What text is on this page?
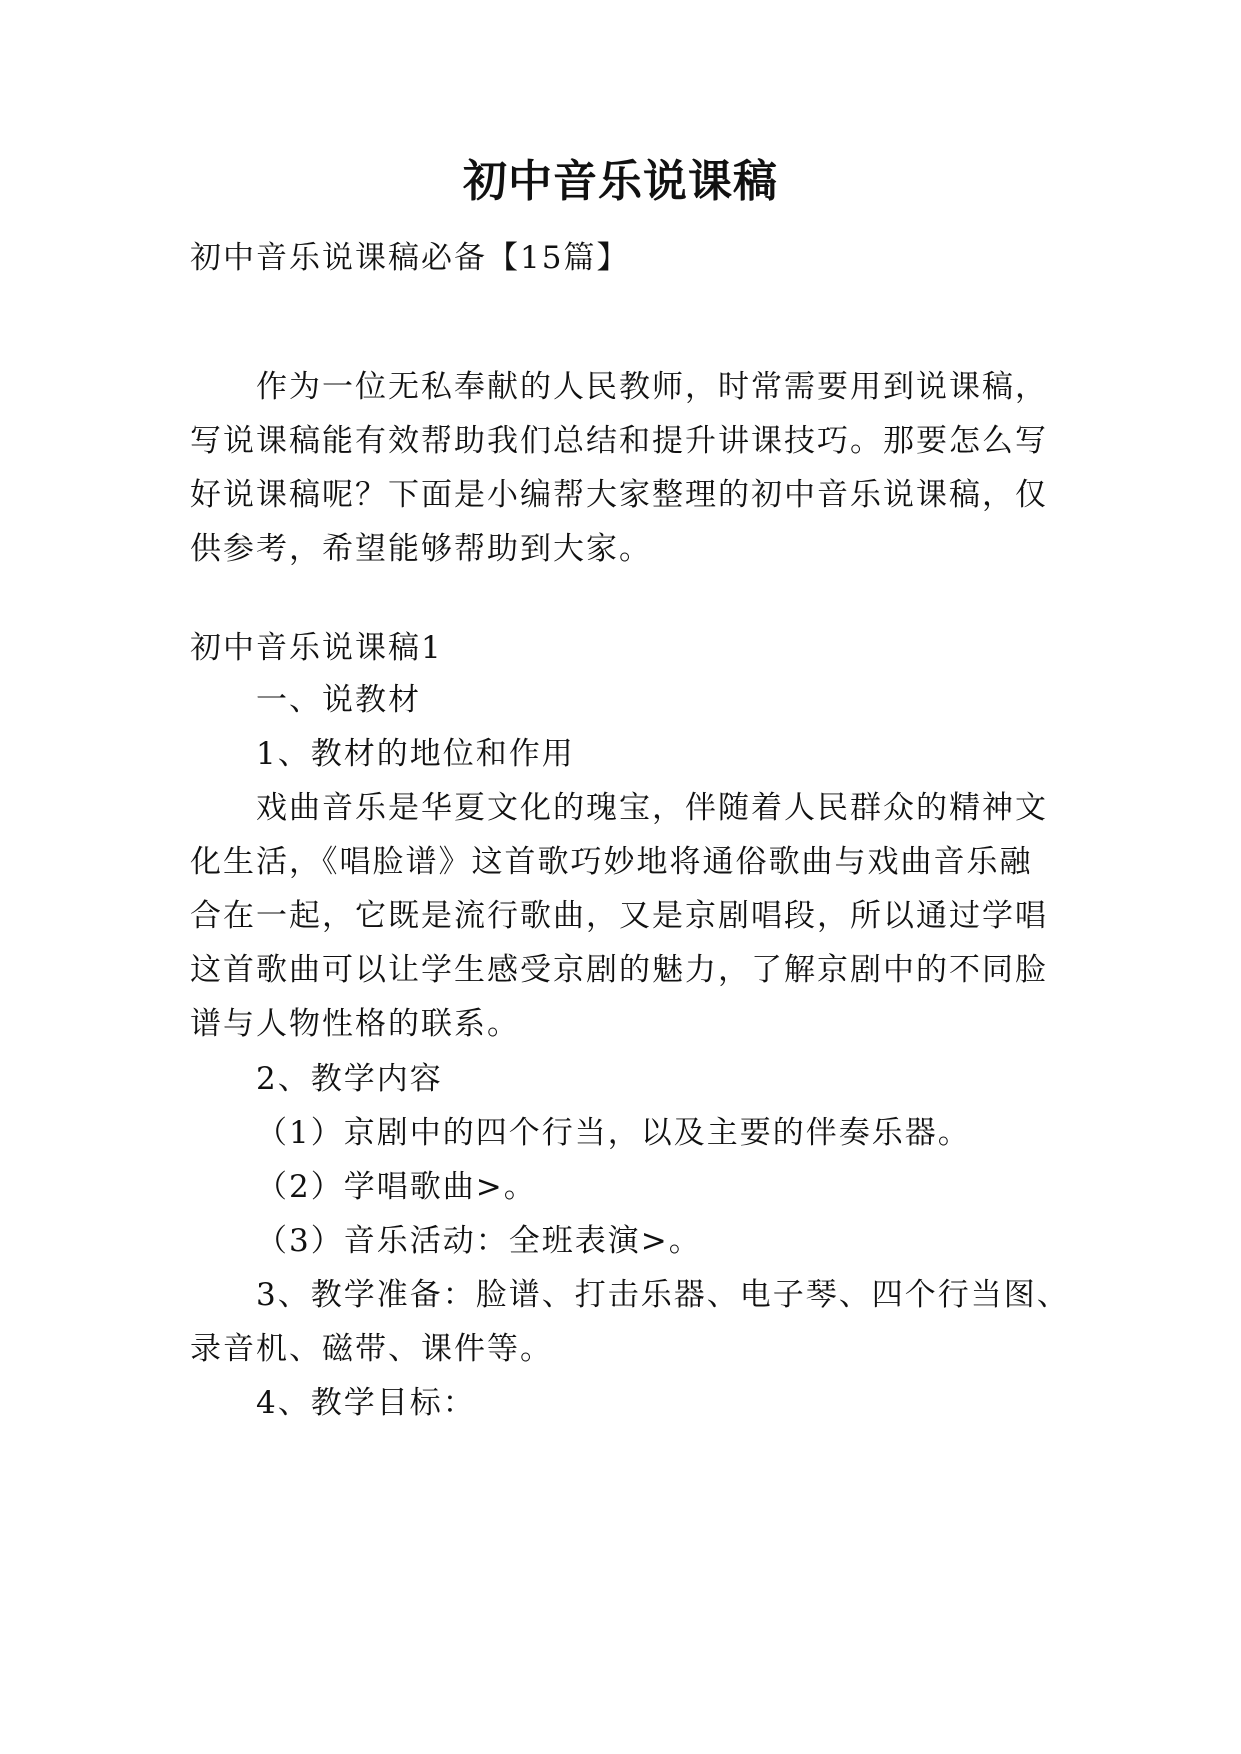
初中音乐说课稿

初中音乐说课稿必备【15篇】

作为一位无私奉献的人民教师，时常需要用到说课稿，

写说课稿能有效帮助我们总结和提升讲课技巧。那要怎么写

好说课稿呢？下面是小编帮大家整理的初中音乐说课稿，仅

供参考，希望能够帮助到大家。

初中音乐说课稿1

一、说教材

1、教材的地位和作用

戏曲音乐是华夏文化的瑰宝，伴随着人民群众的精神文

化生活，《唱脸谱》这首歌巧妙地将通俗歌曲与戏曲音乐融

合在一起，它既是流行歌曲，又是京剧唱段，所以通过学唱

这首歌曲可以让学生感受京剧的魅力，了解京剧中的不同脸

谱与人物性格的联系。

2、教学内容

（1）京剧中的四个行当，以及主要的伴奏乐器。

（2）学唱歌曲>。

（3）音乐活动：全班表演>。

3、教学准备：脸谱、打击乐器、电子琴、四个行当图、

录音机、磁带、课件等。

4、教学目标：
